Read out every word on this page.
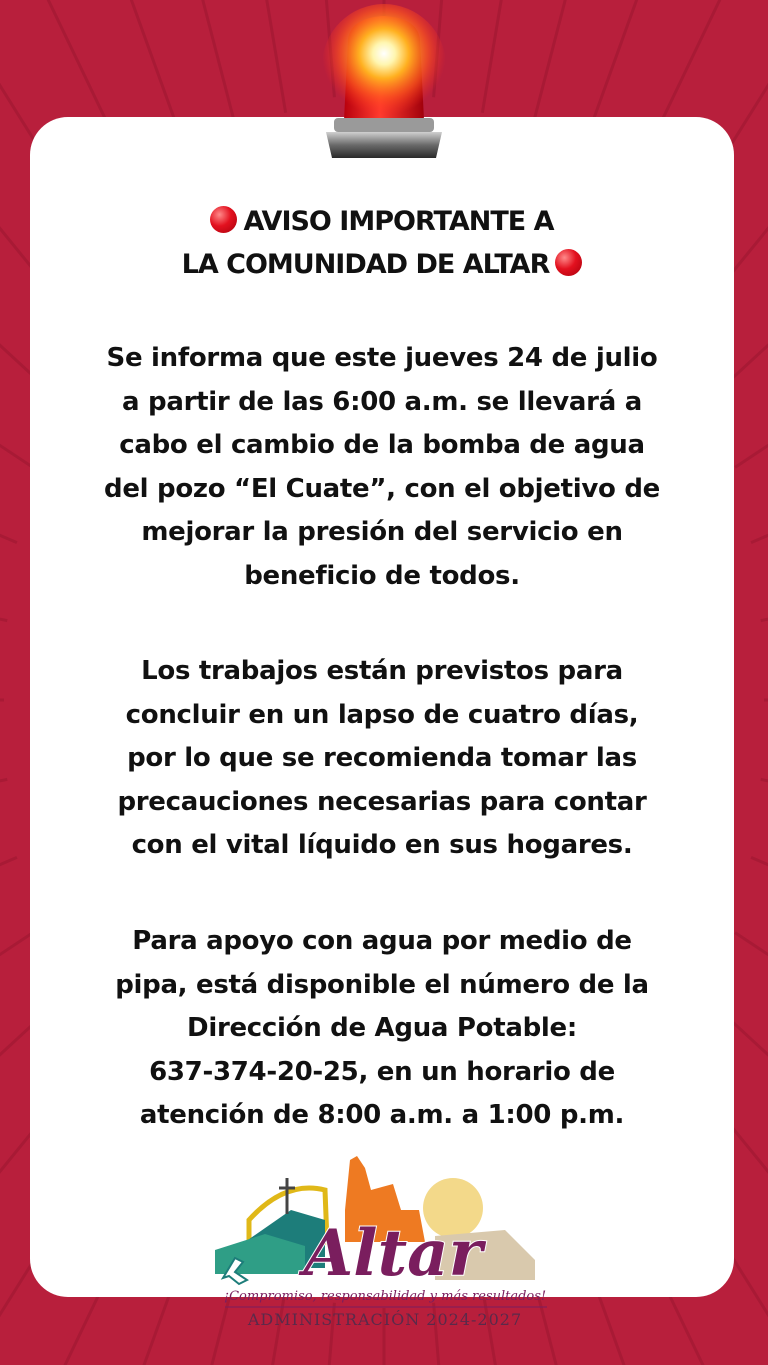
AVISO IMPORTANTE A
LA COMUNIDAD DE ALTAR
Se informa que este jueves 24 de julio
a partir de las 6:00 a.m. se llevará a
cabo el cambio de la bomba de agua
del pozo “El Cuate”, con el objetivo de
mejorar la presión del servicio en
beneficio de todos.
Los trabajos están previstos para
concluir en un lapso de cuatro días,
por lo que se recomienda tomar las
precauciones necesarias para contar
con el vital líquido en sus hogares.
Para apoyo con agua por medio de
pipa, está disponible el número de la
Dirección de Agua Potable:
637-374-20-25, en un horario de
atención de 8:00 a.m. a 1:00 p.m.
Altar
¡Compromiso, responsabilidad y más resultados!
ADMINISTRACIÓN 2024-2027
